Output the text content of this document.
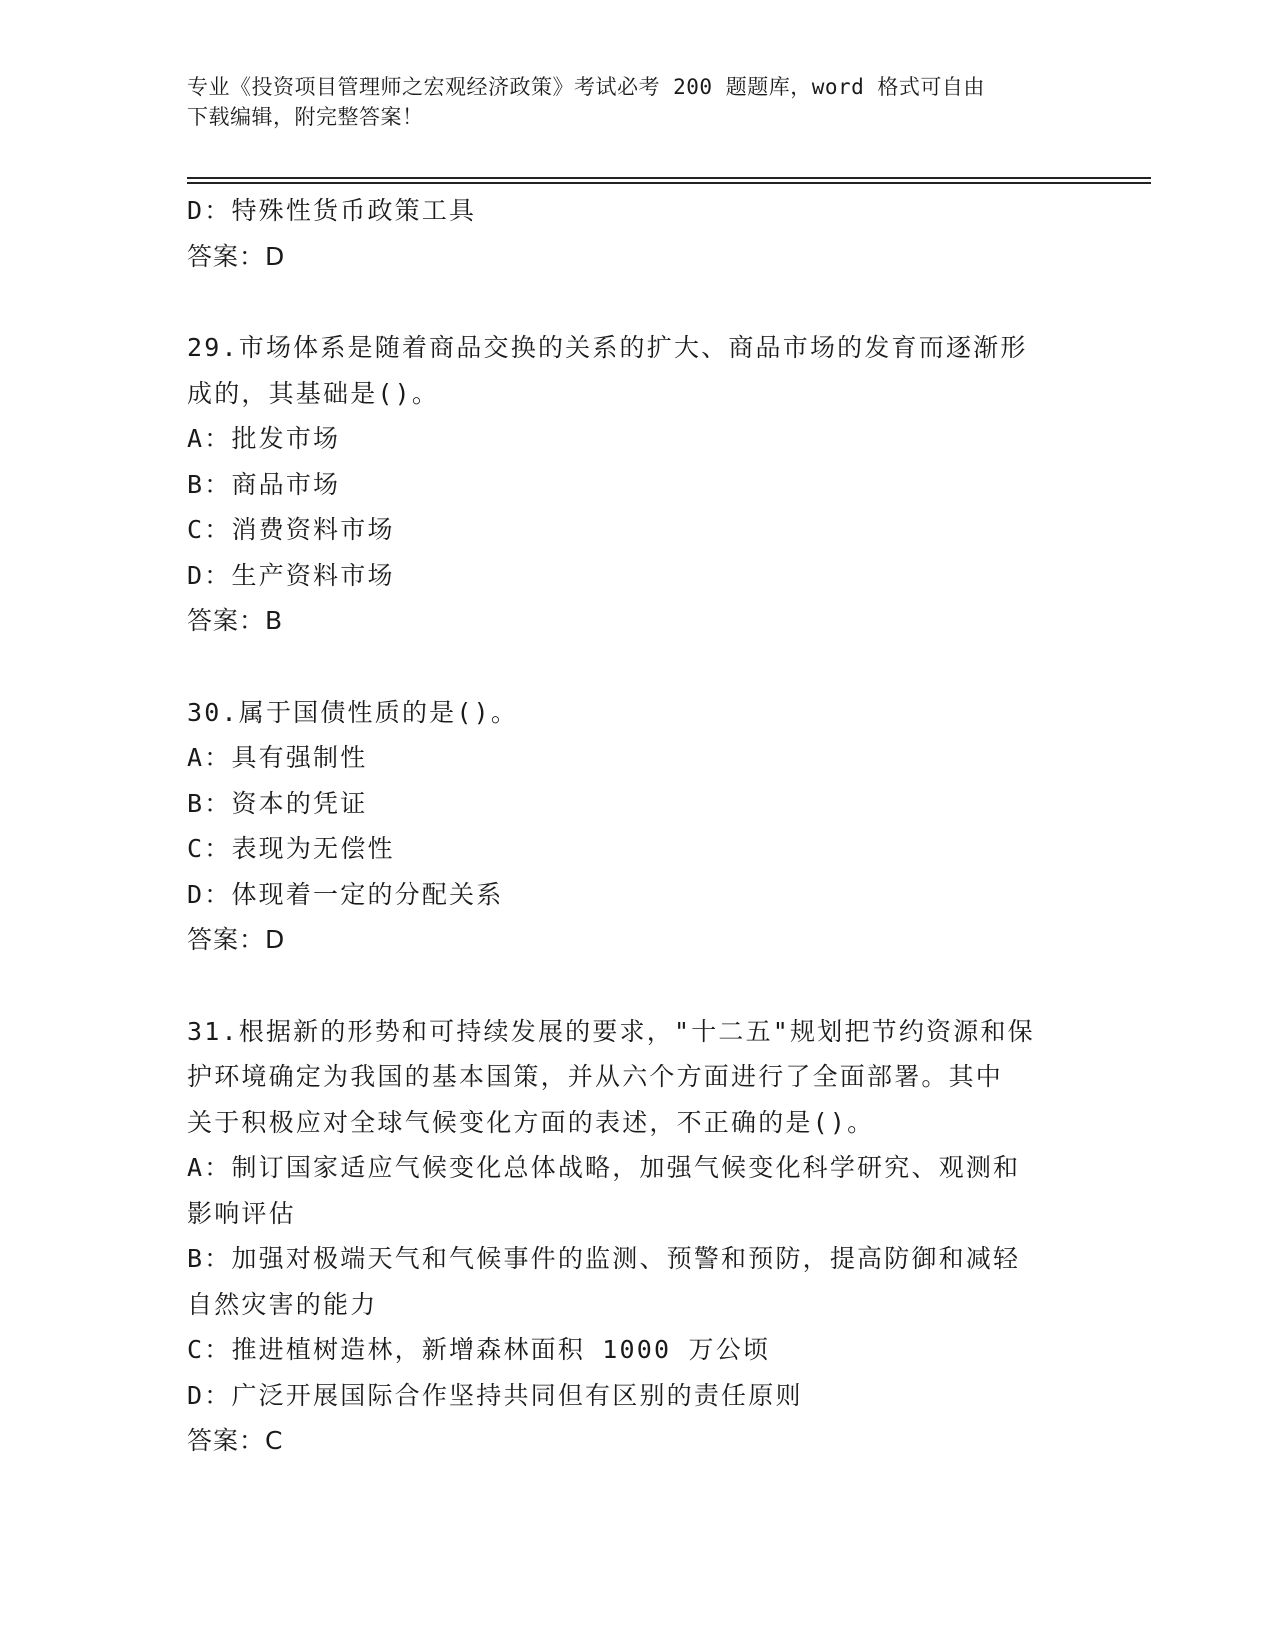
专业《投资项目管理师之宏观经济政策》考试必考 200 题题库，word 格式可自由
下载编辑，附完整答案！
D：特殊性货币政策工具
答案：D
29.市场体系是随着商品交换的关系的扩大、商品市场的发育而逐渐形
成的，其基础是()。
A：批发市场
B：商品市场
C：消费资料市场
D：生产资料市场
答案：B
30.属于国债性质的是()。
A：具有强制性
B：资本的凭证
C：表现为无偿性
D：体现着一定的分配关系
答案：D
31.根据新的形势和可持续发展的要求，"十二五"规划把节约资源和保
护环境确定为我国的基本国策，并从六个方面进行了全面部署。其中
关于积极应对全球气候变化方面的表述，不正确的是()。
A：制订国家适应气候变化总体战略，加强气候变化科学研究、观测和
影响评估
B：加强对极端天气和气候事件的监测、预警和预防，提高防御和减轻
自然灾害的能力
C：推进植树造林，新增森林面积 1000 万公顷
D：广泛开展国际合作坚持共同但有区别的责任原则
答案：C
